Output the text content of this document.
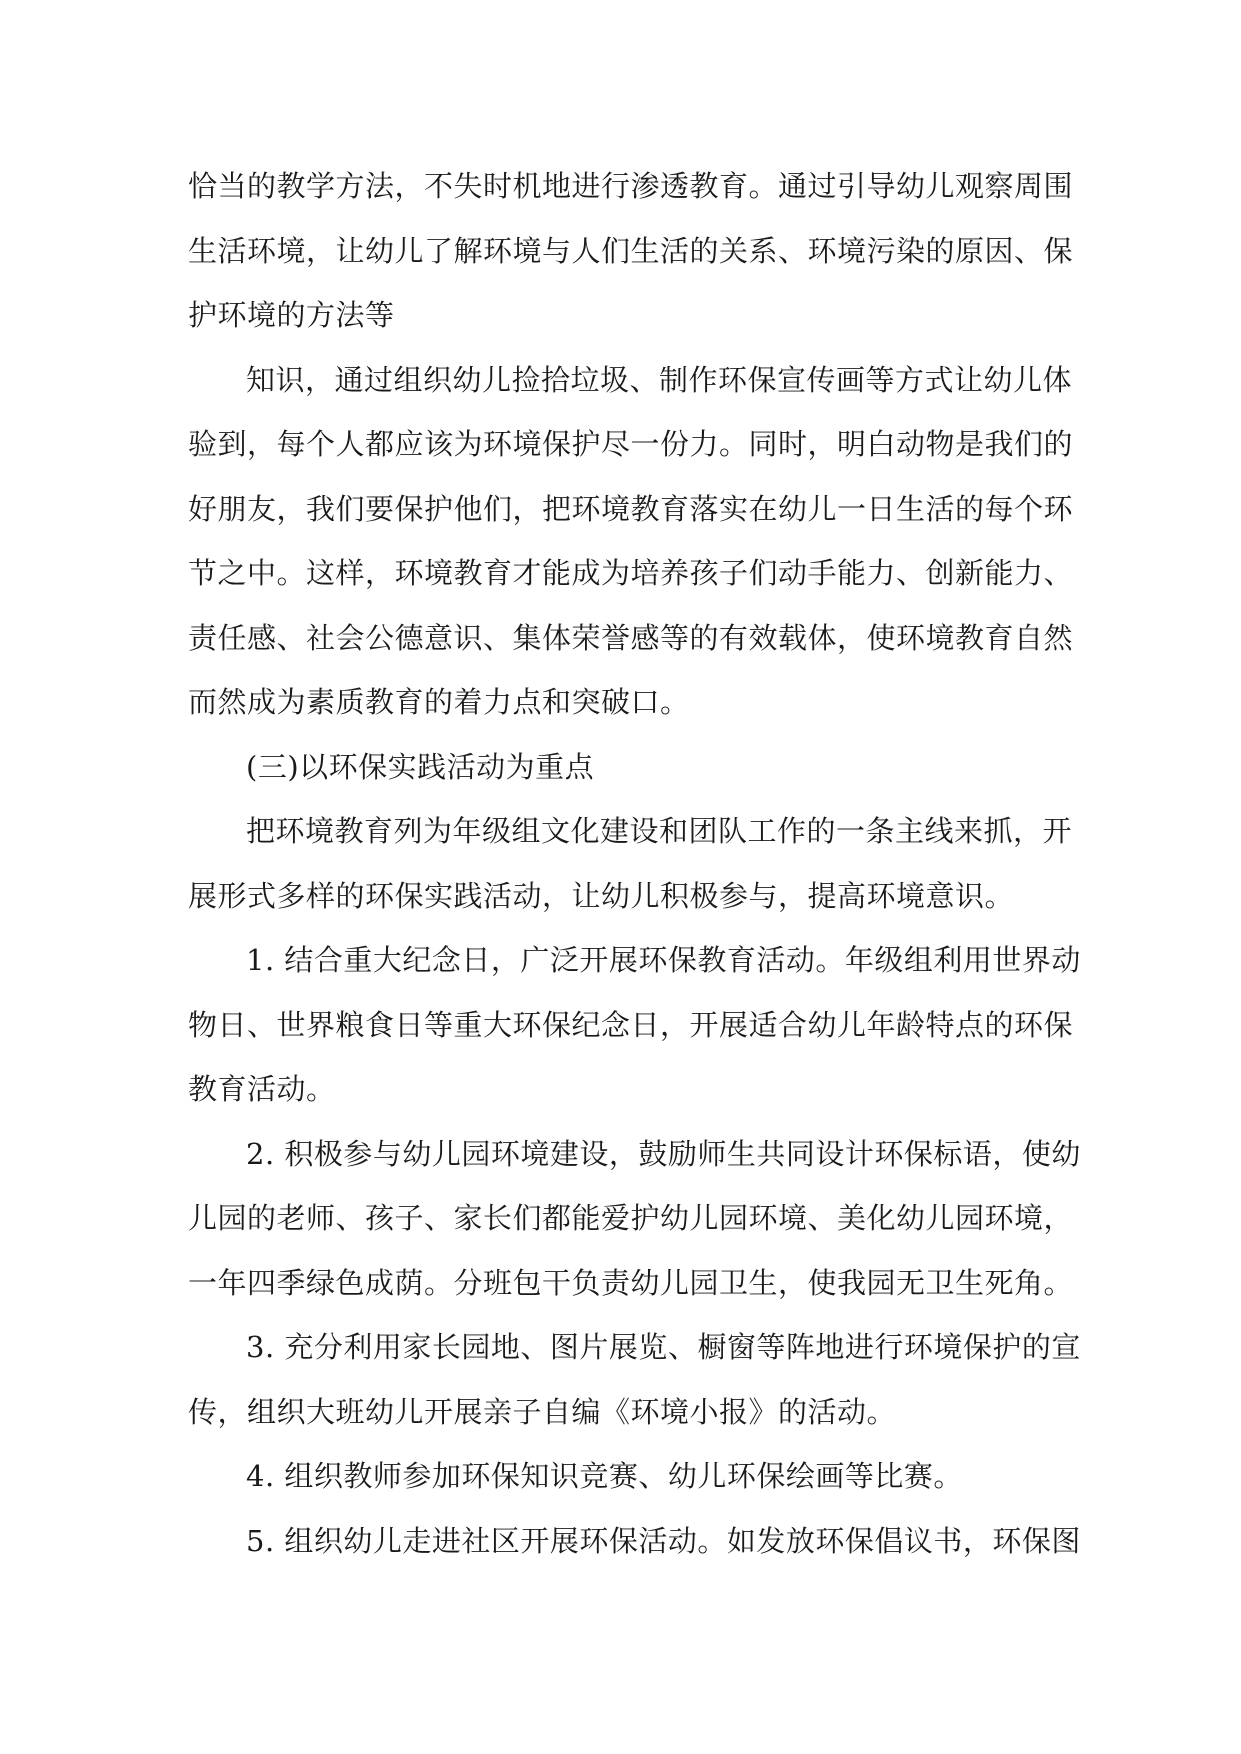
恰当的教学方法，不失时机地进行渗透教育。通过引导幼儿观察周围
生活环境，让幼儿了解环境与人们生活的关系、环境污染的原因、保
护环境的方法等
知识，通过组织幼儿捡拾垃圾、制作环保宣传画等方式让幼儿体
验到，每个人都应该为环境保护尽一份力。同时，明白动物是我们的
好朋友，我们要保护他们，把环境教育落实在幼儿一日生活的每个环
节之中。这样，环境教育才能成为培养孩子们动手能力、创新能力、
责任感、社会公德意识、集体荣誉感等的有效载体，使环境教育自然
而然成为素质教育的着力点和突破口。
(三)以环保实践活动为重点
把环境教育列为年级组文化建设和团队工作的一条主线来抓，开
展形式多样的环保实践活动，让幼儿积极参与，提高环境意识。
1. 结合重大纪念日，广泛开展环保教育活动。年级组利用世界动
物日、世界粮食日等重大环保纪念日，开展适合幼儿年龄特点的环保
教育活动。
2. 积极参与幼儿园环境建设，鼓励师生共同设计环保标语，使幼
儿园的老师、孩子、家长们都能爱护幼儿园环境、美化幼儿园环境，
一年四季绿色成荫。分班包干负责幼儿园卫生，使我园无卫生死角。
3. 充分利用家长园地、图片展览、橱窗等阵地进行环境保护的宣
传，组织大班幼儿开展亲子自编《环境小报》的活动。
4. 组织教师参加环保知识竞赛、幼儿环保绘画等比赛。
5. 组织幼儿走进社区开展环保活动。如发放环保倡议书，环保图
